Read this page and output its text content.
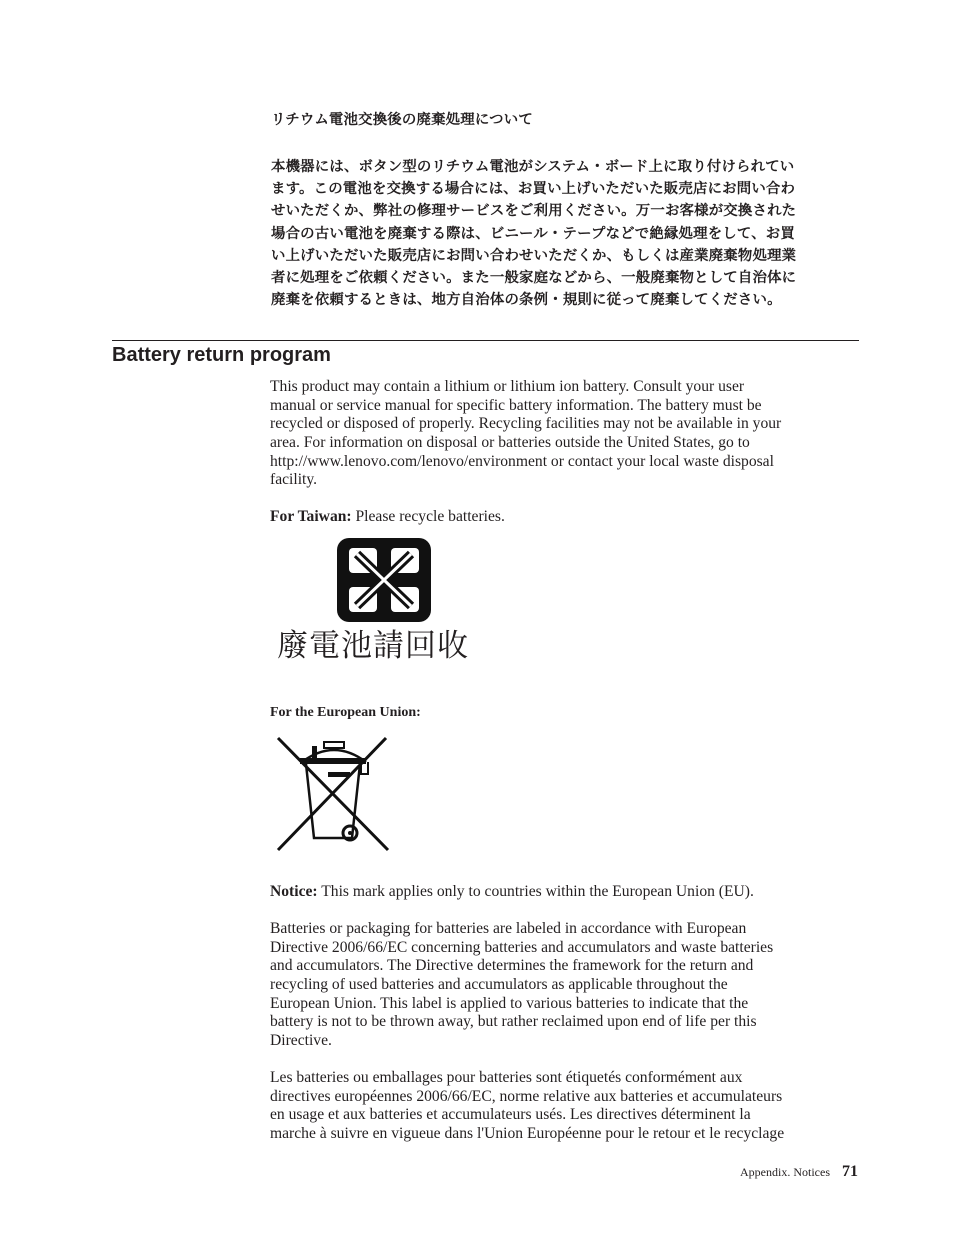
リチウム電池交換後の廃棄処理について
本機器には、ボタン型のリチウム電池がシステム・ボード上に取り付けられてい
ます。この電池を交換する場合には、お買い上げいただいた販売店にお問い合わ
せいただくか、弊社の修理サービスをご利用ください。万一お客様が交換された
場合の古い電池を廃棄する際は、ビニール・テープなどで絶縁処理をして、お買
い上げいただいた販売店にお問い合わせいただくか、もしくは産業廃棄物処理業
者に処理をご依頼ください。また一般家庭などから、一般廃棄物として自治体に
廃棄を依頼するときは、地方自治体の条例・規則に従って廃棄してください。
Battery return program
This product may contain a lithium or lithium ion battery. Consult your user
manual or service manual for specific battery information. The battery must be
recycled or disposed of properly. Recycling facilities may not be available in your
area. For information on disposal or batteries outside the United States, go to
http://www.lenovo.com/lenovo/environment or contact your local waste disposal
facility.
For Taiwan: Please recycle batteries.
廢電池請回收
For the European Union:
Notice: This mark applies only to countries within the European Union (EU).
Batteries or packaging for batteries are labeled in accordance with European
Directive 2006/66/EC concerning batteries and accumulators and waste batteries
and accumulators. The Directive determines the framework for the return and
recycling of used batteries and accumulators as applicable throughout the
European Union. This label is applied to various batteries to indicate that the
battery is not to be thrown away, but rather reclaimed upon end of life per this
Directive.
Les batteries ou emballages pour batteries sont étiquetés conformément aux
directives européennes 2006/66/EC, norme relative aux batteries et accumulateurs
en usage et aux batteries et accumulateurs usés. Les directives déterminent la
marche à suivre en vigueue dans l'Union Européenne pour le retour et le recyclage
Appendix. Notices 71
